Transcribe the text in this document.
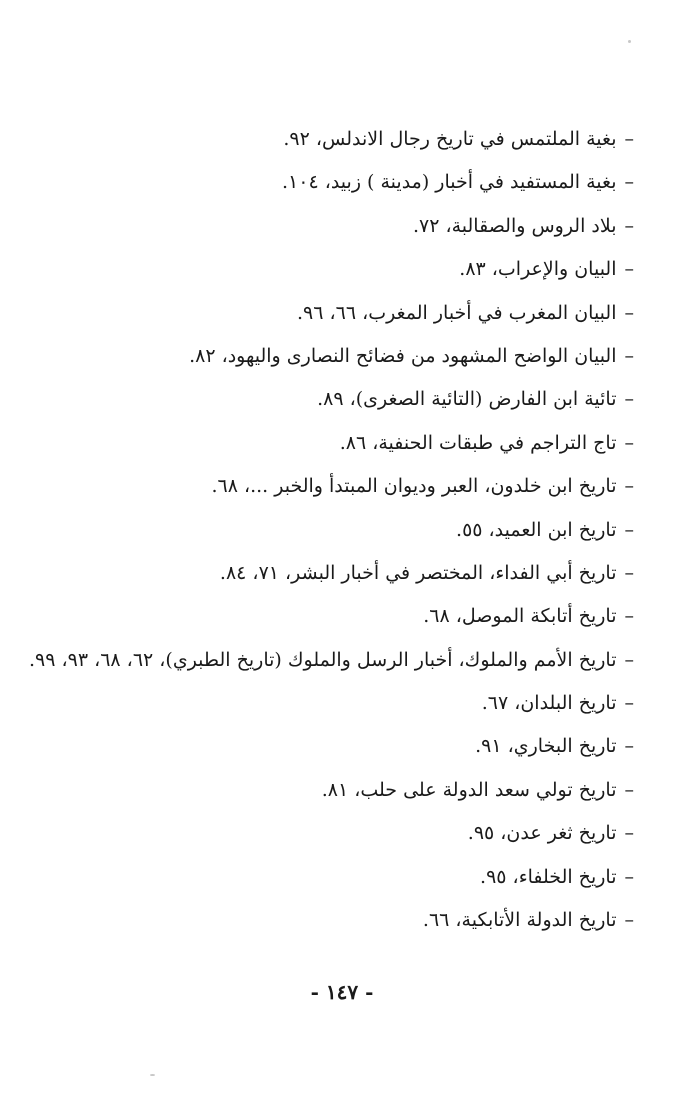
–بغية الملتمس في تاريخ رجال الاندلس، ٩٢.
–بغية المستفيد في أخبار (مدينة ) زبيد، ١٠٤.
–بلاد الروس والصقالبة، ٧٢.
–البيان والإعراب، ٨٣.
–البيان المغرب في أخبار المغرب، ٦٦، ٩٦.
–البيان الواضح المشهود من فضائح النصارى واليهود، ٨٢.
–تائية ابن الفارض (التائية الصغرى)، ٨٩.
–تاج التراجم في طبقات الحنفية، ٨٦.
–تاريخ ابن خلدون، العبر وديوان المبتدأ والخبر ...، ٦٨.
–تاريخ ابن العميد، ٥٥.
–تاريخ أبي الفداء، المختصر في أخبار البشر، ٧١، ٨٤.
–تاريخ أتابكة الموصل، ٦٨.
–تاريخ الأمم والملوك، أخبار الرسل والملوك (تاريخ الطبري)، ٦٢، ٦٨، ٩٣، ٩٩.
–تاريخ البلدان، ٦٧.
–تاريخ البخاري، ٩١.
–تاريخ تولي سعد الدولة على حلب، ٨١.
–تاريخ ثغر عدن، ٩٥.
–تاريخ الخلفاء، ٩٥.
–تاريخ الدولة الأتابكية، ٦٦.
- ١٤٧ -
